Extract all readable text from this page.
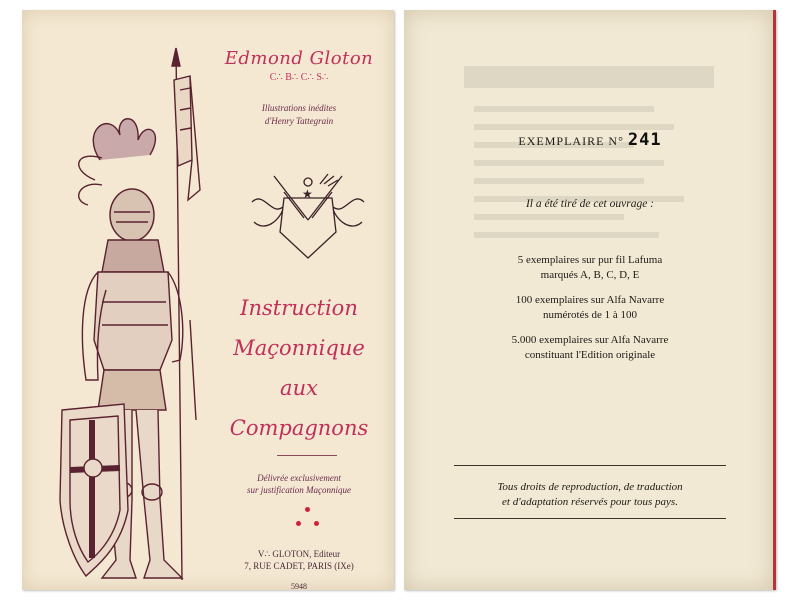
Edmond Gloton
C∴ B∴ C∴ S∴
Illustrations inédites
d'Henry Tattegrain
★
Instruction
Maçonnique
aux
Compagnons
Délivrée exclusivement
sur justification Maçonnique
V∴ GLOTON, Editeur
7, RUE CADET, PARIS (IXe)
5948
EXEMPLAIRE N° 241
Il a été tiré de cet ouvrage :
5 exemplaires sur pur fil Lafuma
marqués A, B, C, D, E
100 exemplaires sur Alfa Navarre
numérotés de 1 à 100
5.000 exemplaires sur Alfa Navarre
constituant l'Edition originale
Tous droits de reproduction, de traduction
et d'adaptation réservés pour tous pays.
